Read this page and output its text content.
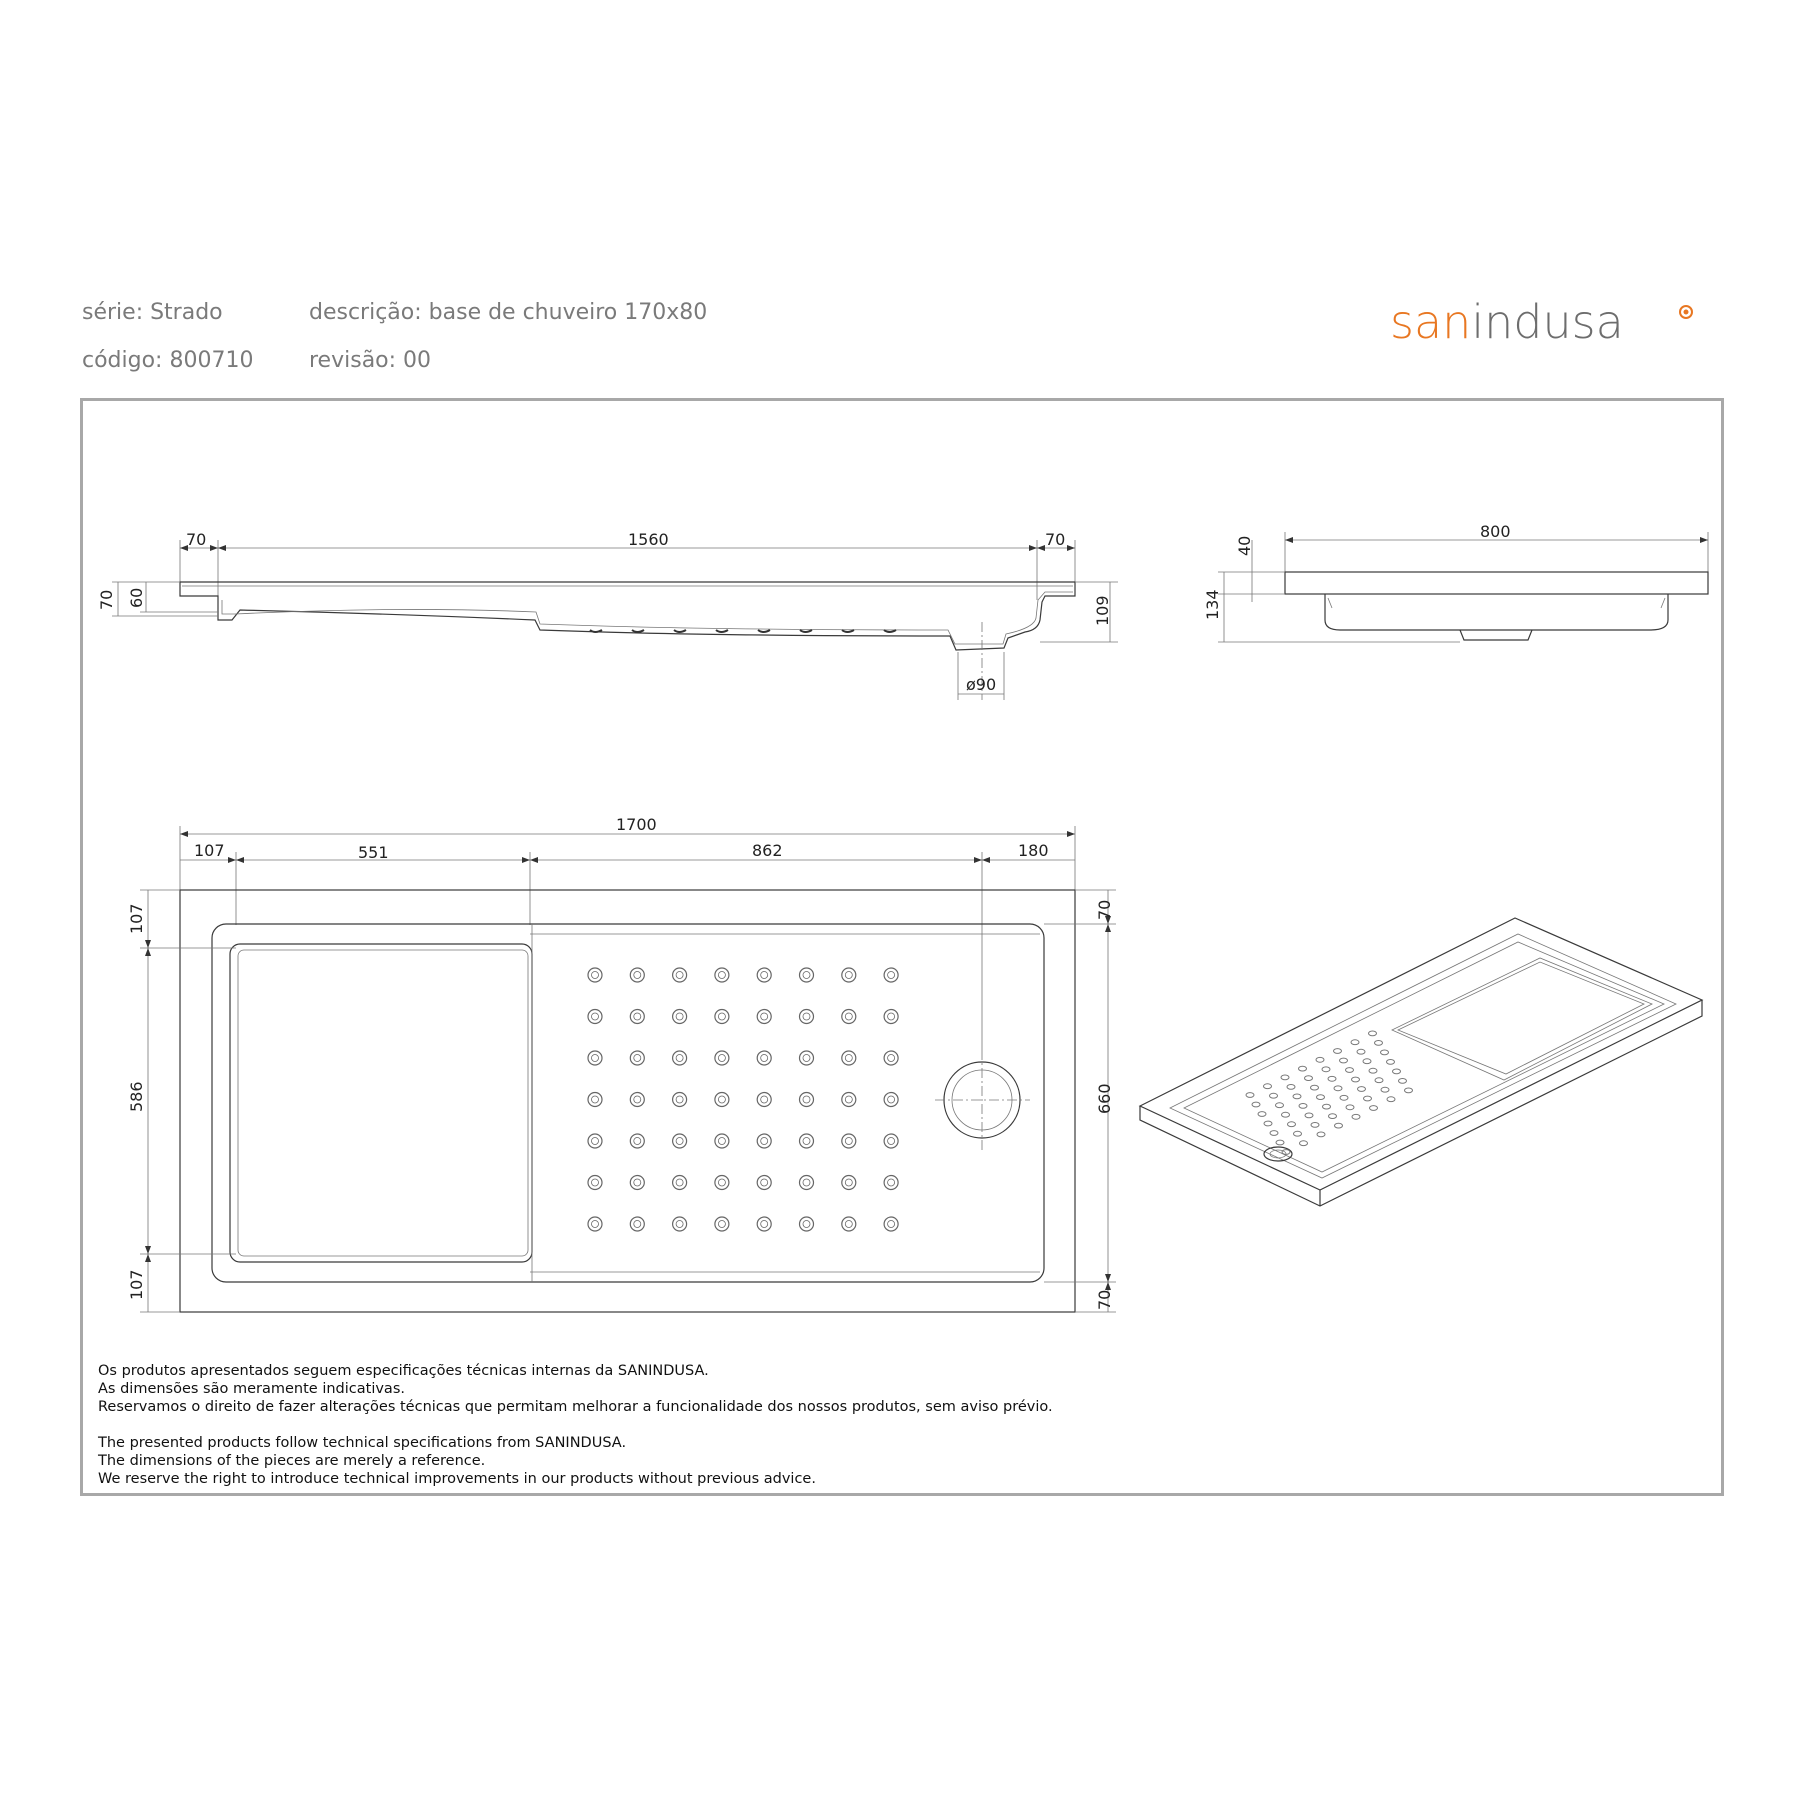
série: Strado
código: 800710
descrição: base de chuveiro 170x80
revisão: 00
sanindusa
70	1560	70
ø90
70 60	109
800
40
134
1700
107	551	862	180
107
586
107
70
660
70
Os produtos apresentados seguem especificações técnicas internas da SANINDUSA.
As dimensões são meramente indicativas.
Reservamos o direito de fazer alterações técnicas que permitam melhorar a funcionalidade dos nossos produtos, sem aviso prévio.
The presented products follow technical specifications from SANINDUSA.
The dimensions of the pieces are merely a reference.
We reserve the right to introduce technical improvements in our products without previous advice.
